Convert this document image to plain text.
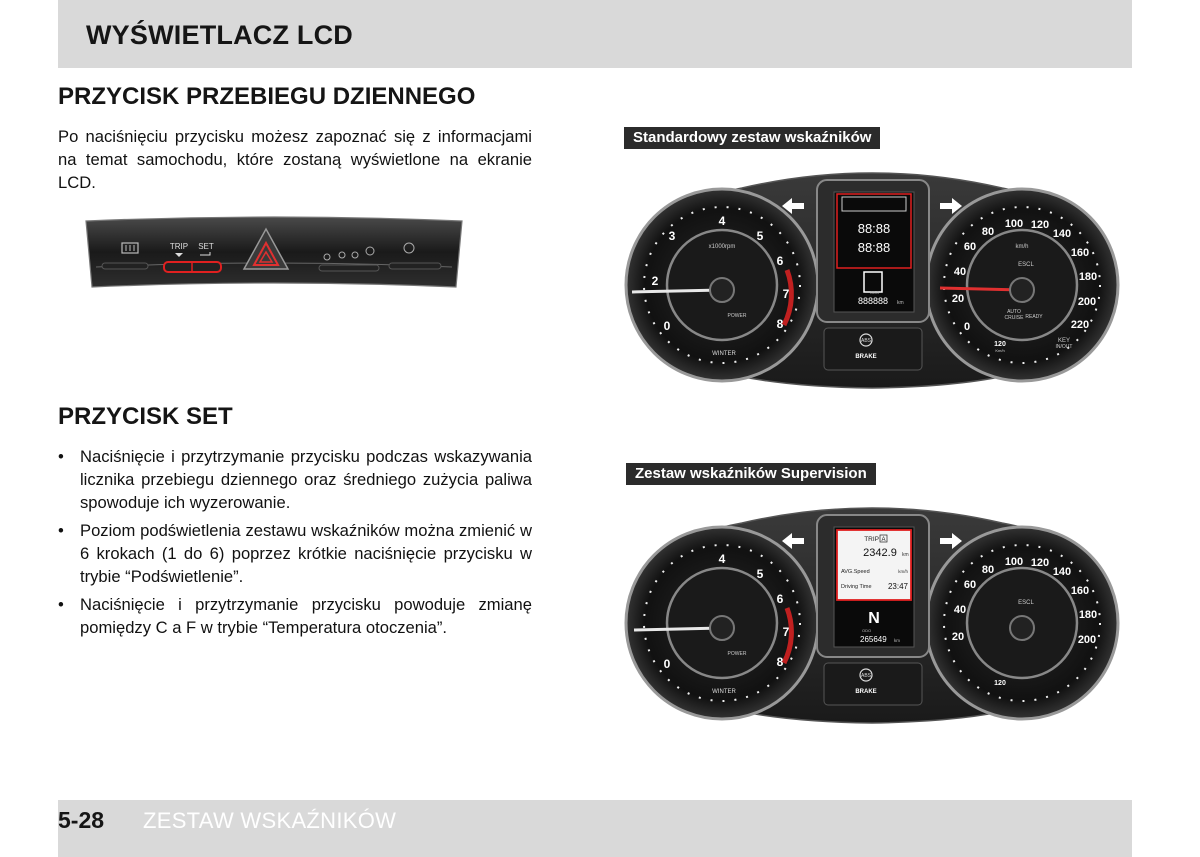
WYŚWIETLACZ LCD
PRZYCISK PRZEBIEGU DZIENNEGO

Po naciśnięciu przycisku możesz zapoznać się z informacjami na temat samochodu, które zostaną wyświetlone na ekranie LCD.

TRIP SET
PRZYCISK SET
• Naciśnięcie i przytrzymanie przycisku podczas wskazywania licznika przebiegu dziennego oraz średniego zużycia paliwa spowoduje ich wyzerowanie.
• Poziom podświetlenia zestawu wskaźników można zmienić w 6 krokach (1 do 6) poprzez krótkie naciśnięcie przycisku w trybie “Podświetlenie”.
• Naciśnięcie i przytrzymanie przycisku powoduje zmianę pomiędzy C a F w trybie “Temperatura otoczenia”.
Standardowy zestaw wskaźników
Zestaw wskaźników Supervision
0
2
3
4
5
6
7
8	0
20
40
60
80
100 120
140
160
180
200
220
x1000rpm	km/h
ESCL
AUTO
CRUISE READY
POWER
WINTER
120
Km/h
KEY
IN/OUT
88:88
88:88
ODO
888888 km
ABS
BRAKE
0
4
5
6
7
8
20
40
60
80
100 120
140
160
180
200
POWER
WINTER
120
ESCL
TRIP A
2342.9 km
AVG.Speed	km/h
Driving Time 23:47
N
ODO
265649 km
ABS
BRAKE
5-28 ZESTAW WSKAŹNIKÓW
